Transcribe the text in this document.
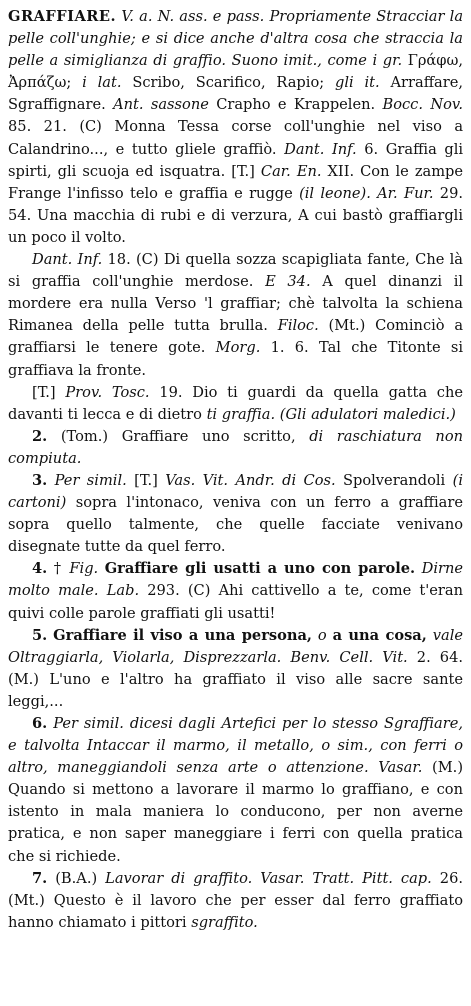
GRAFFIARE. V. a. N. ass. e pass. Propriamente Stracciar la pelle coll'unghie; e si dice anche d'altra cosa che straccia la pelle a simiglianza di graffio. Suono imit., come i gr. Γράφω, Ἀρπάζω; i lat. Scribo, Scarifico, Rapio; gli it. Arraffare, Sgraffignare. Ant. sassone Crapho e Krappelen. Bocc. Nov. 85. 21. (C) Monna Tessa corse coll'unghie nel viso a Calandrino..., e tutto gliele graffiò. Dant. Inf. 6. Graffia gli spirti, gli scuoja ed isquatra. [T.] Car. En. XII. Con le zampe Frange l'infisso telo e graffia e rugge (il leone). Ar. Fur. 29. 54. Una macchia di rubi e di verzura, A cui bastò graffiargli un poco il volto.

Dant. Inf. 18. (C) Di quella sozza scapigliata fante, Che là si graffia coll'unghie merdose. E 34. A quel dinanzi il mordere era nulla Verso 'l graffiar; chè talvolta la schiena Rimanea della pelle tutta brulla. Filoc. (Mt.) Cominciò a graffiarsi le tenere gote. Morg. 1. 6. Tal che Titonte si graffiava la fronte.

[T.] Prov. Tosc. 19. Dio ti guardi da quella gatta che davanti ti lecca e di dietro ti graffia. (Gli adulatori maledici.)

2. (Tom.) Graffiare uno scritto, di raschiatura non compiuta.

3. Per simil. [T.] Vas. Vit. Andr. di Cos. Spolverandoli (i cartoni) sopra l'intonaco, veniva con un ferro a graffiare sopra quello talmente, che quelle facciate venivano disegnate tutte da quel ferro.

4. † Fig. Graffiare gli usatti a uno con parole. Dirne molto male. Lab. 293. (C) Ahi cattivello a te, come t'eran quivi colle parole graffiati gli usatti!

5. Graffiare il viso a una persona, o a una cosa, vale Oltraggiarla, Violarla, Disprezzarla. Benv. Cell. Vit. 2. 64. (M.) L'uno e l'altro ha graffiato il viso alle sacre sante leggi,...

6. Per simil. dicesi dagli Artefici per lo stesso Sgraffiare, e talvolta Intaccar il marmo, il metallo, o sim., con ferri o altro, maneggiandoli senza arte o attenzione. Vasar. (M.) Quando si mettono a lavorare il marmo lo graffiano, e con istento in mala maniera lo conducono, per non averne pratica, e non saper maneggiare i ferri con quella pratica che si richiede.

7. (B.A.) Lavorar di graffito. Vasar. Tratt. Pitt. cap. 26. (Mt.) Questo è il lavoro che per esser dal ferro graffiato hanno chiamato i pittori sgraffito.
